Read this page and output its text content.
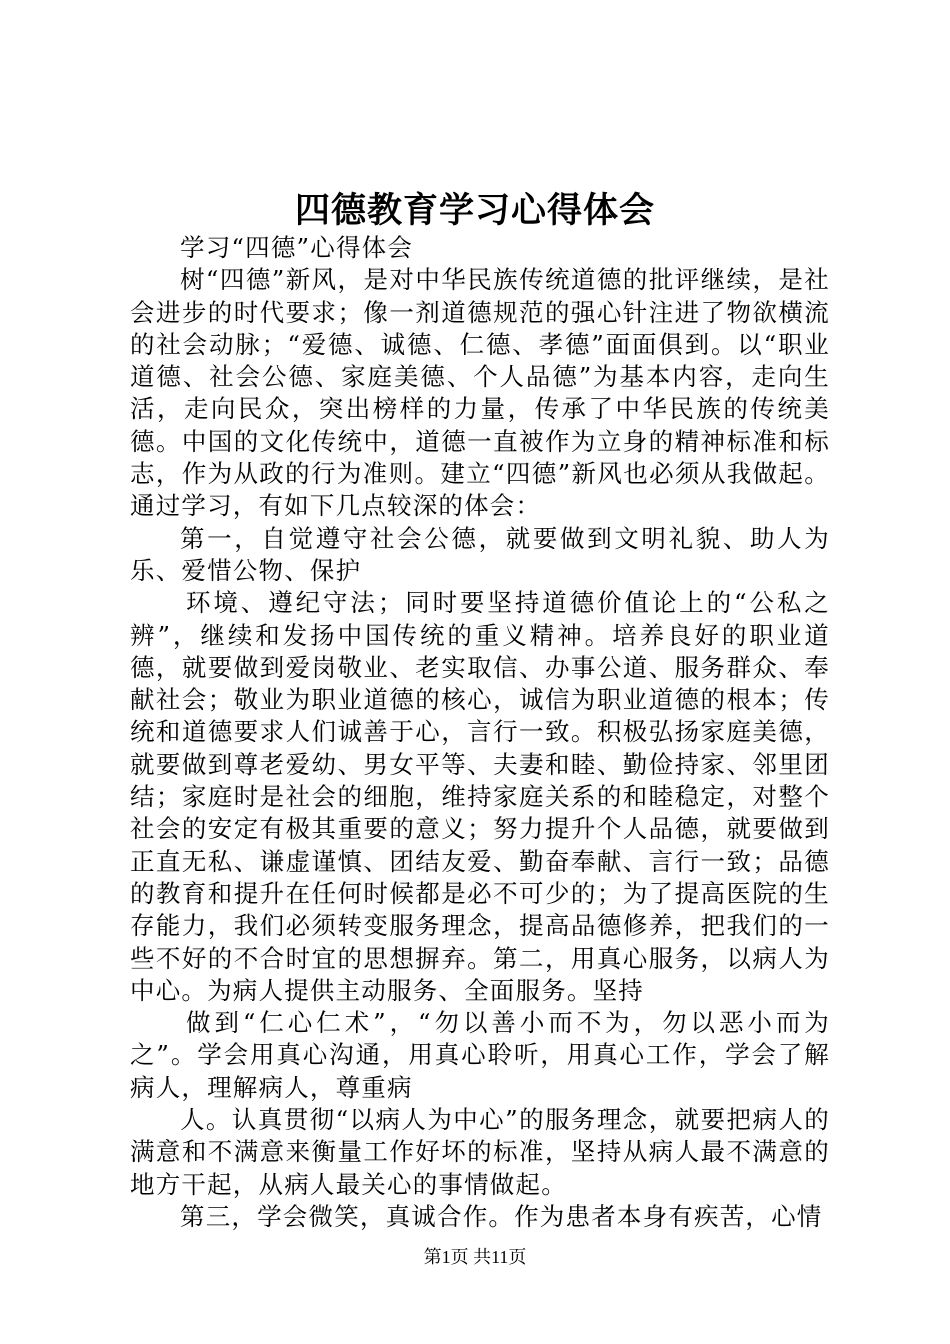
四德教育学习心得体会

学习“四德”心得体会

树“四德”新风，是对中华民族传统道德的批评继续，是社会进步的时代要求；像一剂道德规范的强心针注进了物欲横流的社会动脉；“爱德、诚德、仁德、孝德”面面俱到。以“职业道德、社会公德、家庭美德、个人品德”为基本内容，走向生活，走向民众，突出榜样的力量，传承了中华民族的传统美德。中国的文化传统中，道德一直被作为立身的精神标准和标志，作为从政的行为准则。建立“四德”新风也必须从我做起。通过学习，有如下几点较深的体会：

第一，自觉遵守社会公德，就要做到文明礼貌、助人为乐、爱惜公物、保护

环境、遵纪守法；同时要坚持道德价值论上的“公私之辨”，继续和发扬中国传统的重义精神。培养良好的职业道德，就要做到爱岗敬业、老实取信、办事公道、服务群众、奉献社会；敬业为职业道德的核心，诚信为职业道德的根本；传统和道德要求人们诚善于心，言行一致。积极弘扬家庭美德，就要做到尊老爱幼、男女平等、夫妻和睦、勤俭持家、邻里团结；家庭时是社会的细胞，维持家庭关系的和睦稳定，对整个社会的安定有极其重要的意义；努力提升个人品德，就要做到正直无私、谦虚谨慎、团结友爱、勤奋奉献、言行一致；品德的教育和提升在任何时候都是必不可少的；为了提高医院的生存能力，我们必须转变服务理念，提高品德修养，把我们的一些不好的不合时宜的思想摒弃。第二，用真心服务，以病人为中心。为病人提供主动服务、全面服务。坚持

做到“仁心仁术”，“勿以善小而不为，勿以恶小而为之”。学会用真心沟通，用真心聆听，用真心工作，学会了解病人，理解病人，尊重病

人。认真贯彻“以病人为中心”的服务理念，就要把病人的满意和不满意来衡量工作好坏的标准，坚持从病人最不满意的地方干起，从病人最关心的事情做起。

第三，学会微笑，真诚合作。作为患者本身有疾苦，心情

第1页 共11页
